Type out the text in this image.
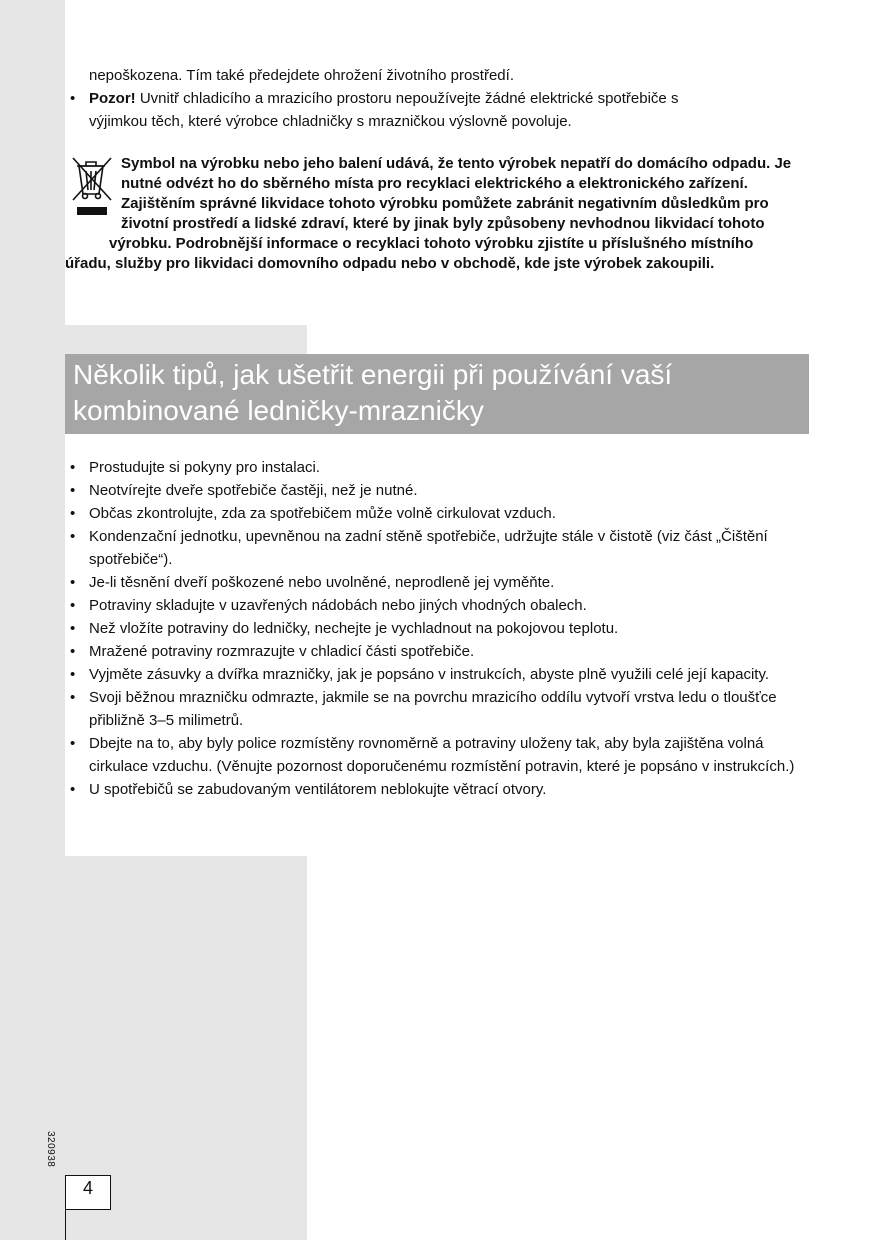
nepoškozena. Tím také předejdete ohrožení životního prostředí.
• Pozor! Uvnitř chladicího a mrazicího prostoru nepoužívejte žádné elektrické spotřebiče s
výjimkou těch, které výrobce chladničky s mrazničkou výslovně povoluje.

Symbol na výrobku nebo jeho balení udává, že tento výrobek nepatří do domácího odpadu. Je nutné odvézt ho do sběrného místa pro recyklaci elektrického a elektronického zařízení. Zajištěním správné likvidace tohoto výrobku pomůžete zabránit negativním důsledkům pro životní prostředí a lidské zdraví, které by jinak byly způsobeny nevhodnou likvidací tohoto výrobku. Podrobnější informace o recyklaci tohoto výrobku zjistíte u příslušného místního úřadu, služby pro likvidaci domovního odpadu nebo v obchodě, kde jste výrobek zakoupili.

Několik tipů, jak ušetřit energii při používání vaší
kombinované ledničky-mrazničky
• Prostudujte si pokyny pro instalaci.
• Neotvírejte dveře spotřebiče častěji, než je nutné.
• Občas zkontrolujte, zda za spotřebičem může volně cirkulovat vzduch.
• Kondenzační jednotku, upevněnou na zadní stěně spotřebiče, udržujte stále v čistotě (viz část „Čištění spotřebiče“).
• Je-li těsnění dveří poškozené nebo uvolněné, neprodleně jej vyměňte.
• Potraviny skladujte v uzavřených nádobách nebo jiných vhodných obalech.
• Než vložíte potraviny do ledničky, nechejte je vychladnout na pokojovou teplotu.
• Mražené potraviny rozmrazujte v chladicí části spotřebiče.
• Vyjměte zásuvky a dvířka mrazničky, jak je popsáno v instrukcích, abyste plně využili celé její kapacity.
• Svoji běžnou mrazničku odmrazte, jakmile se na povrchu mrazicího oddílu vytvoří vrstva ledu o tloušťce přibližně 3–5 milimetrů.
• Dbejte na to, aby byly police rozmístěny rovnoměrně a potraviny uloženy tak, aby byla zajištěna volná cirkulace vzduchu. (Věnujte pozornost doporučenému rozmístění potravin, které je popsáno v instrukcích.)
• U spotřebičů se zabudovaným ventilátorem neblokujte větrací otvory.
320938
4
